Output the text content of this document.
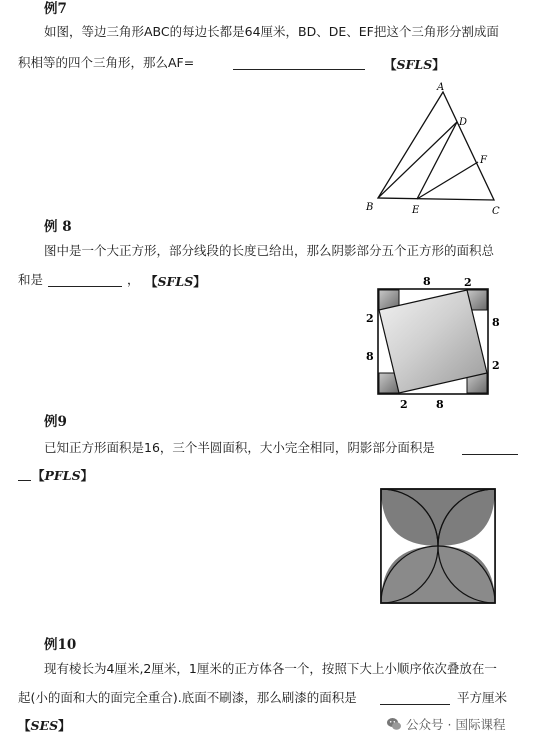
例7
如图，等边三角形ABC的每边长都是64厘米，BD、DE、EF把这个三角形分割成面
积相等的四个三角形，那么AF=	【SFLS】
A
B	C
D
E
F
例 8
图中是一个大正方形，部分线段的长度已给出，那么阴影部分五个正方形的面积总
和是	， 【SFLS】	8	2
2	8
8
2
2	8
例9
已知正方形面积是16，三个半圆面积，大小完全相同，阴影部分面积是
【PFLS】
例10
现有棱长为4厘米,2厘米，1厘米的正方体各一个，按照下大上小顺序依次叠放在一
起(小的面和大的面完全重合).底面不刷漆，那么刷漆的面积是	平方厘米
【SES】	公众号 · 国际课程
